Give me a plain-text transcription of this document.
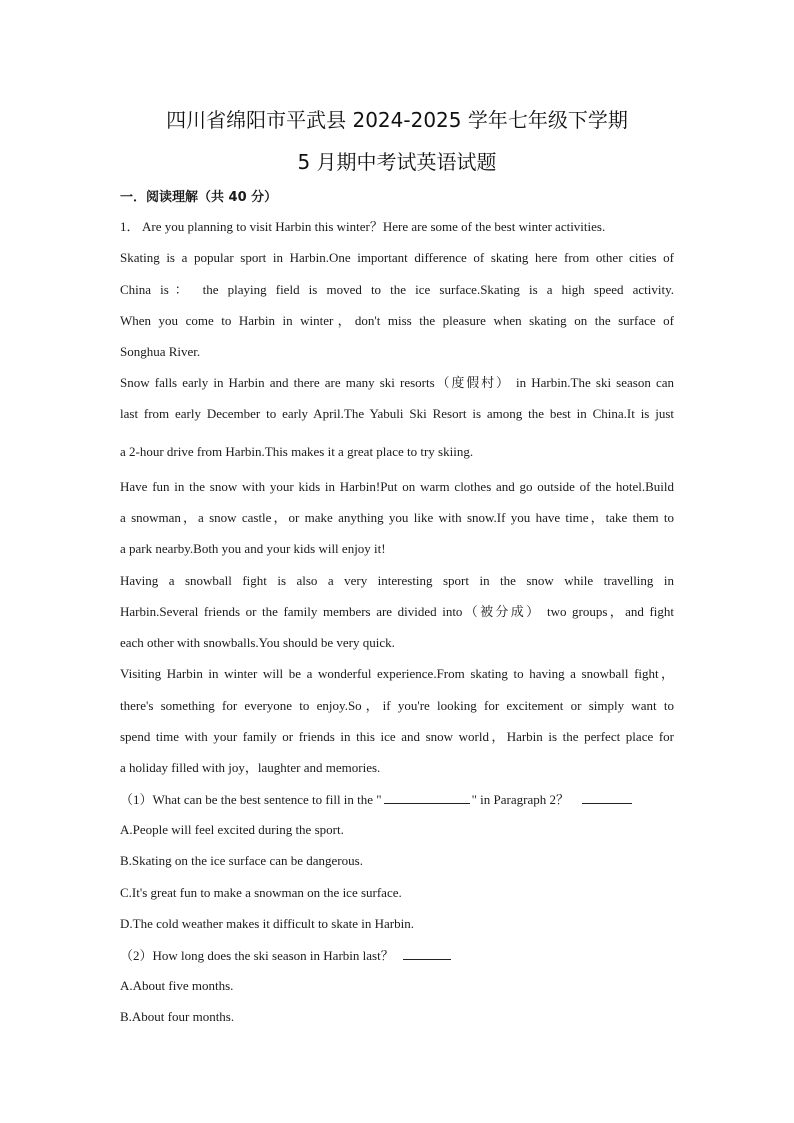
四川省绵阳市平武县 2024-2025 学年七年级下学期
5 月期中考试英语试题
一．阅读理解（共 40 分）
1． Are you planning to visit Harbin this winter？Here are some of the best winter activities.
Skating is a popular sport in Harbin.One important difference of skating here from other cities of
China is： the playing field is moved to the ice surface.Skating is a high speed activity.
When you come to Harbin in winter，don't miss the pleasure when skating on the surface of
Songhua River.
Snow falls early in Harbin and there are many ski resorts（度假村） in Harbin.The ski season can
last from early December to early April.The Yabuli Ski Resort is among the best in China.It is just
a 2-hour drive from Harbin.This makes it a great place to try skiing.
Have fun in the snow with your kids in Harbin!Put on warm clothes and go outside of the hotel.Build
a snowman，a snow castle，or make anything you like with snow.If you have time，take them to
a park nearby.Both you and your kids will enjoy it!
Having a snowball fight is also a very interesting sport in the snow while travelling in
Harbin.Several friends or the family members are divided into（被分成） two groups，and fight
each other with snowballs.You should be very quick.
Visiting Harbin in winter will be a wonderful experience.From skating to having a snowball fight，
there's something for everyone to enjoy.So，if you're looking for excitement or simply want to
spend time with your family or friends in this ice and snow world，Harbin is the perfect place for
a holiday filled with joy，laughter and memories.
（1）What can be the best sentence to fill in the "	" in Paragraph 2？
A.People will feel excited during the sport.
B.Skating on the ice surface can be dangerous.
C.It's great fun to make a snowman on the ice surface.
D.The cold weather makes it difficult to skate in Harbin.
（2）How long does the ski season in Harbin last？
A.About five months.
B.About four months.
